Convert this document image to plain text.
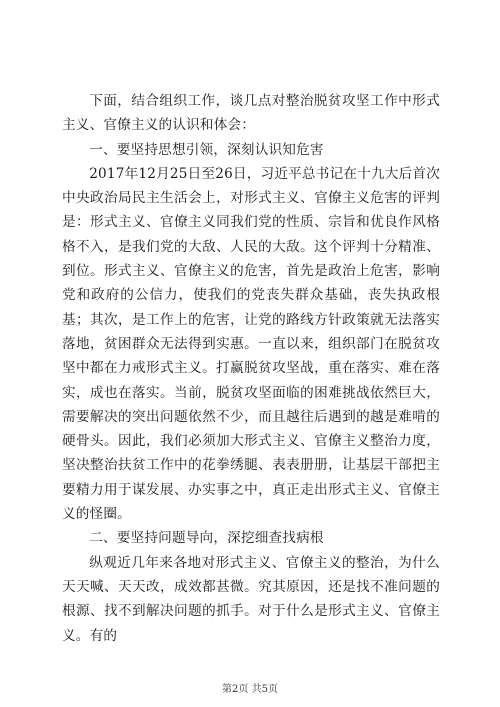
下面，结合组织工作，谈几点对整治脱贫攻坚工作中形式主义、官僚主义的认识和体会：

一、要坚持思想引领，深刻认识知危害

2017年12月25日至26日，习近平总书记在十九大后首次中央政治局民主生活会上，对形式主义、官僚主义危害的评判是：形式主义、官僚主义同我们党的性质、宗旨和优良作风格格不入，是我们党的大敌、人民的大敌。这个评判十分精准、到位。形式主义、官僚主义的危害，首先是政治上危害，影响党和政府的公信力，使我们的党丧失群众基础，丧失执政根基；其次，是工作上的危害，让党的路线方针政策就无法落实落地，贫困群众无法得到实惠。一直以来，组织部门在脱贫攻坚中都在力戒形式主义。打赢脱贫攻坚战，重在落实、难在落实，成也在落实。当前，脱贫攻坚面临的困难挑战依然巨大，需要解决的突出问题依然不少，而且越往后遇到的越是难啃的硬骨头。因此，我们必须加大形式主义、官僚主义整治力度，坚决整治扶贫工作中的花拳绣腿、表表册册，让基层干部把主要精力用于谋发展、办实事之中，真正走出形式主义、官僚主义的怪圈。

二、要坚持问题导向，深挖细查找病根

纵观近几年来各地对形式主义、官僚主义的整治，为什么天天喊、天天改，成效都甚微。究其原因，还是找不准问题的根源、找不到解决问题的抓手。对于什么是形式主义、官僚主义。有的

第2页 共5页
